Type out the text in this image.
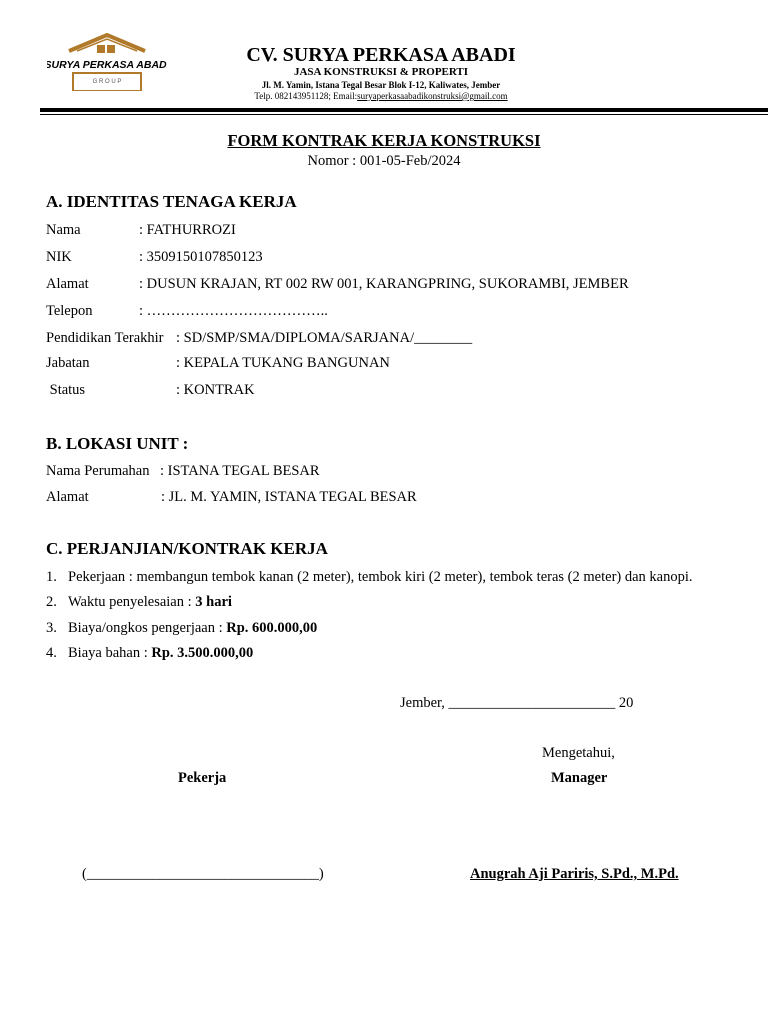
SURYA PERKASA ABADI
G R O U P
CV. SURYA PERKASA ABADI
JASA KONSTRUKSI & PROPERTI
Jl. M. Yamin, Istana Tegal Besar Blok I-12, Kaliwates, Jember
Telp. 082143951128; Email:suryaperkasaabadikonstruksi@gmail.com
FORM KONTRAK KERJA KONSTRUKSI
Nomor : 001-05-Feb/2024
A. IDENTITAS TENAGA KERJA
Nama	: FATHURROZI
NIK	: 3509150107850123
Alamat	: DUSUN KRAJAN, RT 002 RW 001, KARANGPRING, SUKORAMBI, JEMBER
Telepon	: ………………………………..
Pendidikan Terakhir : SD/SMP/SMA/DIPLOMA/SARJANA/________
Jabatan	: KEPALA TUKANG BANGUNAN
Status	: KONTRAK
B. LOKASI UNIT :
Nama Perumahan : ISTANA TEGAL BESAR
Alamat	: JL. M. YAMIN, ISTANA TEGAL BESAR
C. PERJANJIAN/KONTRAK KERJA
1. Pekerjaan : membangun tembok kanan (2 meter), tembok kiri (2 meter), tembok teras (2 meter) dan kanopi.
2. Waktu penyelesaian : 3 hari
3. Biaya/ongkos pengerjaan : Rp. 600.000,00
4. Biaya bahan : Rp. 3.500.000,00
Jember, _______________________ 20
Mengetahui,
Pekerja	Manager
(________________________________)	Anugrah Aji Pariris, S.Pd., M.Pd.
